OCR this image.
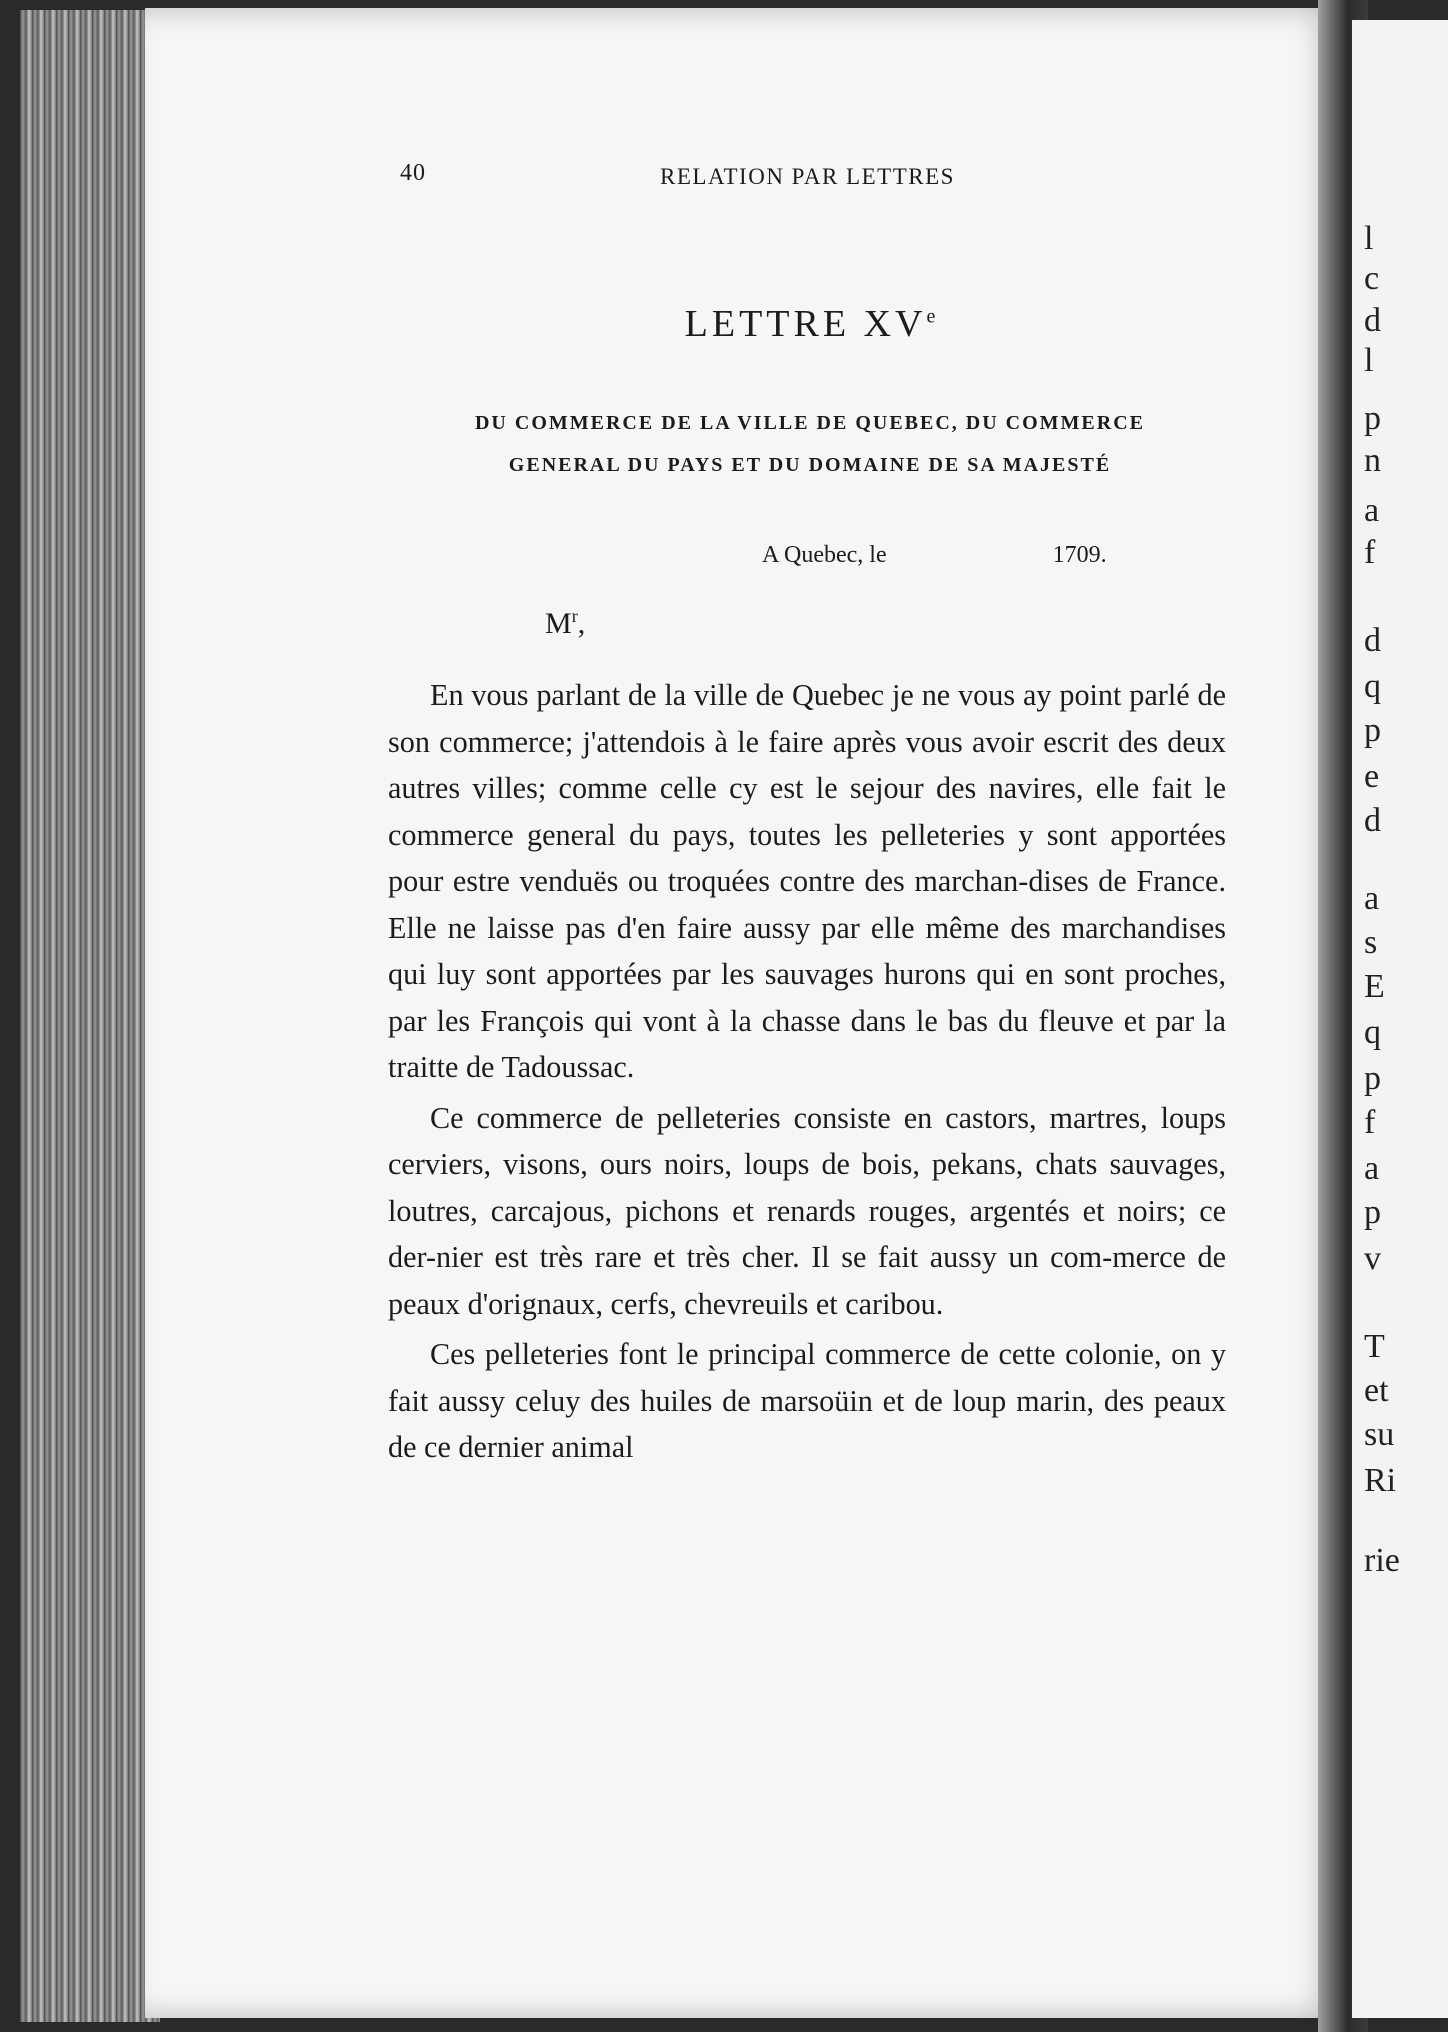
40	RELATION PAR LETTRES
LETTRE XVe
DU COMMERCE DE LA VILLE DE QUEBEC, DU COMMERCE
GENERAL DU PAYS ET DU DOMAINE DE SA MAJESTÉ
A Quebec, le	1709.
$M^r$,

En vous parlant de la ville de Quebec je ne vous ay point parlé de son commerce; j'attendois à le faire après vous avoir escrit des deux autres villes; comme celle cy est le sejour des navires, elle fait le commerce general du pays, toutes les pelleteries y sont apportées pour estre venduës ou troquées contre des marchan-dises de France. Elle ne laisse pas d'en faire aussy par elle même des marchandises qui luy sont apportées par les sauvages hurons qui en sont proches, par les François qui vont à la chasse dans le bas du fleuve et par la traitte de Tadoussac.

Ce commerce de pelleteries consiste en castors, martres, loups cerviers, visons, ours noirs, loups de bois, pekans, chats sauvages, loutres, carcajous, pichons et renards rouges, argentés et noirs; ce der-nier est très rare et très cher. Il se fait aussy un com-merce de peaux d'orignaux, cerfs, chevreuils et caribou.

Ces pelleteries font le principal commerce de cette colonie, on y fait aussy celuy des huiles de marsoüin et de loup marin, des peaux de ce dernier animal

l
c
d
l
p
n
a
f
d
q
p
e
d
a
s
E
q
p
f
a
p
v
T
et
su
Ri
rie
